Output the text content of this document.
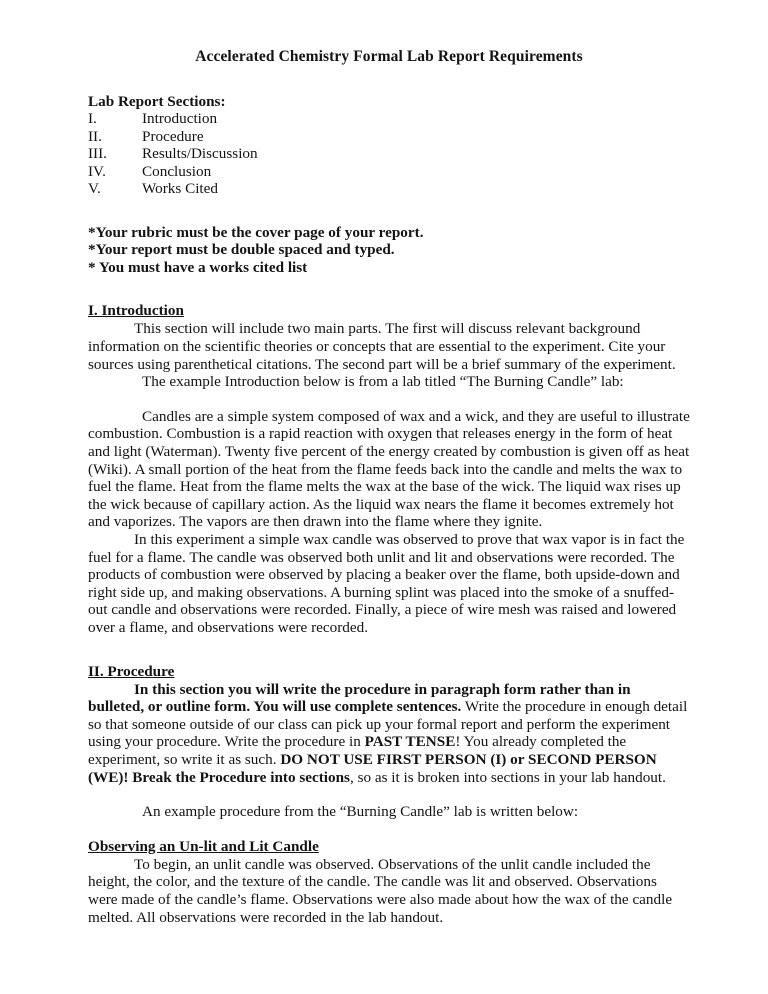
Accelerated Chemistry Formal Lab Report Requirements
Lab Report Sections:
I.	Introduction
II.	Procedure
III.	Results/Discussion
IV.	Conclusion
V.	Works Cited
*Your rubric must be the cover page of your report.
*Your report must be double spaced and typed.
* You must have a works cited list
I. Introduction

This section will include two main parts. The first will discuss relevant background information on the scientific theories or concepts that are essential to the experiment. Cite your sources using parenthetical citations. The second part will be a brief summary of the experiment.

The example Introduction below is from a lab titled “The Burning Candle” lab:

Candles are a simple system composed of wax and a wick, and they are useful to illustrate combustion. Combustion is a rapid reaction with oxygen that releases energy in the form of heat and light (Waterman). Twenty five percent of the energy created by combustion is given off as heat (Wiki). A small portion of the heat from the flame feeds back into the candle and melts the wax to fuel the flame. Heat from the flame melts the wax at the base of the wick. The liquid wax rises up the wick because of capillary action. As the liquid wax nears the flame it becomes extremely hot and vaporizes. The vapors are then drawn into the flame where they ignite.

In this experiment a simple wax candle was observed to prove that wax vapor is in fact the fuel for a flame. The candle was observed both unlit and lit and observations were recorded. The products of combustion were observed by placing a beaker over the flame, both upside-down and right side up, and making observations. A burning splint was placed into the smoke of a snuffed-out candle and observations were recorded. Finally, a piece of wire mesh was raised and lowered over a flame, and observations were recorded.

II. Procedure

In this section you will write the procedure in paragraph form rather than in bulleted, or outline form. You will use complete sentences. Write the procedure in enough detail so that someone outside of our class can pick up your formal report and perform the experiment using your procedure. Write the procedure in PAST TENSE! You already completed the experiment, so write it as such. DO NOT USE FIRST PERSON (I) or SECOND PERSON (WE)! Break the Procedure into sections, so as it is broken into sections in your lab handout.

An example procedure from the “Burning Candle” lab is written below:

Observing an Un-lit and Lit Candle

To begin, an unlit candle was observed. Observations of the unlit candle included the height, the color, and the texture of the candle. The candle was lit and observed. Observations were made of the candle’s flame. Observations were also made about how the wax of the candle melted. All observations were recorded in the lab handout.
